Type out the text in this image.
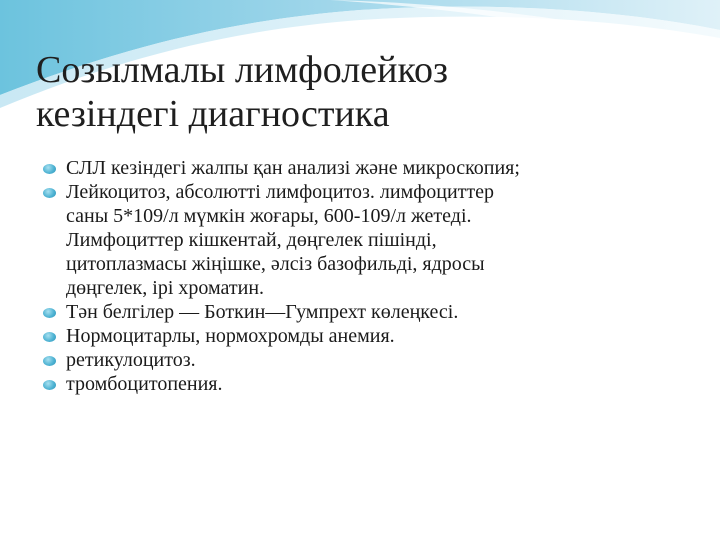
Созылмалы лимфолейкоз
кезіндегі диагностика
СЛЛ кезіндегі жалпы қан анализі және микроскопия;
Лейкоцитоз, абсолютті лимфоцитоз. лимфоциттер
саны 5*109/л мүмкін жоғары, 600-109/л жетеді.
Лимфоциттер кішкентай, дөңгелек пішінді,
цитоплазмасы жіңішке, әлсіз базофильді, ядросы
дөңгелек, ірі хроматин.
Тән белгілер — Боткин—Гумпрехт көлеңкесі.
Нормоцитарлы, нормохромды анемия.
ретикулоцитоз.
тромбоцитопения.
